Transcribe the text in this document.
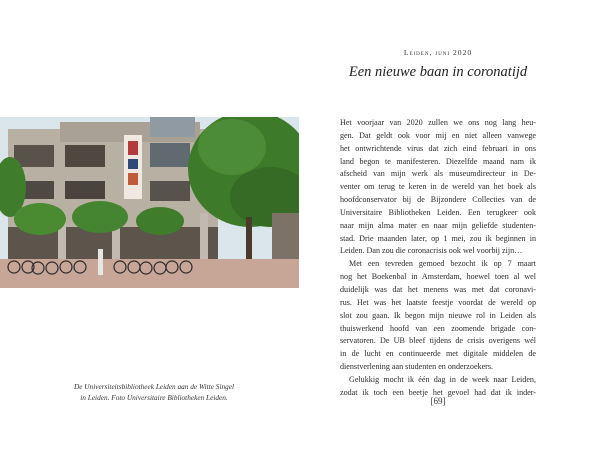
De Universiteitsbibliotheek Leiden aan de Witte Singel
in Leiden. Foto Universitaire Bibliotheken Leiden.
Leiden, juni 2020
Een nieuwe baan in coronatijd
Het voorjaar van 2020 zullen we ons nog lang heu-
gen. Dat geldt ook voor mij en niet alleen vanwege
het ontwrichtende virus dat zich eind februari in ons
land begon te manifesteren. Diezelfde maand nam ik
afscheid van mijn werk als museumdirecteur in De-
venter om terug te keren in de wereld van het boek als
hoofdconservator bij de Bijzondere Collecties van de
Universitaire Bibliotheken Leiden. Een terugkeer ook
naar mijn alma mater en naar mijn geliefde studenten-
stad. Drie maanden later, op 1 mei, zou ik beginnen in
Leiden. Dan zou die coronacrisis ook wel voorbij zijn…
Met een tevreden gemoed bezocht ik op 7 maart
nog het Boekenbal in Amsterdam, hoewel toen al wel
duidelijk was dat het menens was met dat coronavi-
rus. Het was het laatste feestje voordat de wereld op
slot zou gaan. Ik begon mijn nieuwe rol in Leiden als
thuiswerkend hoofd van een zoomende brigade con-
servatoren. De UB bleef tijdens de crisis overigens wél
in de lucht en continueerde met digitale middelen de
dienstverlening aan studenten en onderzoekers.
Gelukkig mocht ik één dag in de week naar Leiden,
zodat ik toch een beetje het gevoel had dat ik inder-
[69]
